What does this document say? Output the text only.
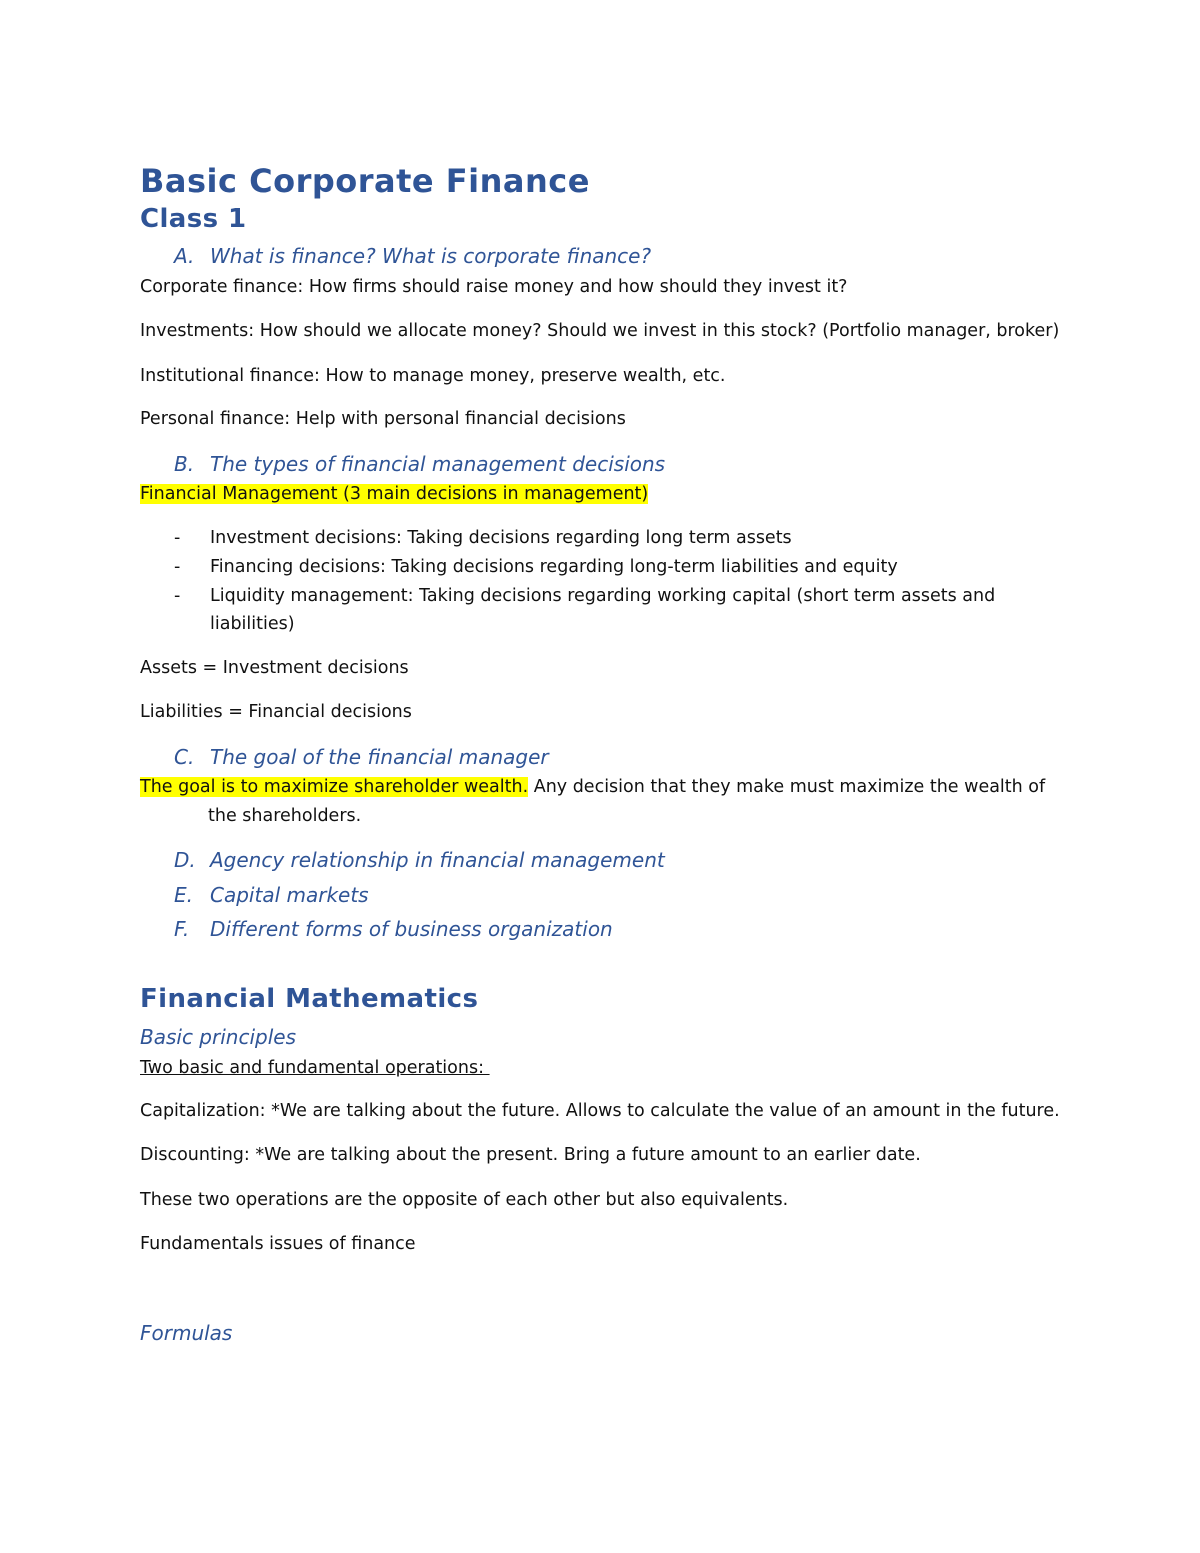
Basic Corporate Finance
Class 1
A. What is finance? What is corporate finance?
Corporate finance: How firms should raise money and how should they invest it?
Investments: How should we allocate money? Should we invest in this stock? (Portfolio manager, broker)
Institutional finance: How to manage money, preserve wealth, etc.
Personal finance: Help with personal financial decisions
B. The types of financial management decisions
Financial Management (3 main decisions in management)
- Investment decisions: Taking decisions regarding long term assets
- Financing decisions: Taking decisions regarding long-term liabilities and equity
- Liquidity management: Taking decisions regarding working capital (short term assets and
liabilities)
Assets = Investment decisions
Liabilities = Financial decisions
C. The goal of the financial manager
The goal is to maximize shareholder wealth. Any decision that they make must maximize the wealth of
the shareholders.
D. Agency relationship in financial management
E. Capital markets
F. Different forms of business organization
Financial Mathematics
Basic principles
Two basic and fundamental operations:
Capitalization: *We are talking about the future. Allows to calculate the value of an amount in the future.
Discounting: *We are talking about the present. Bring a future amount to an earlier date.
These two operations are the opposite of each other but also equivalents.
Fundamentals issues of finance
Formulas
